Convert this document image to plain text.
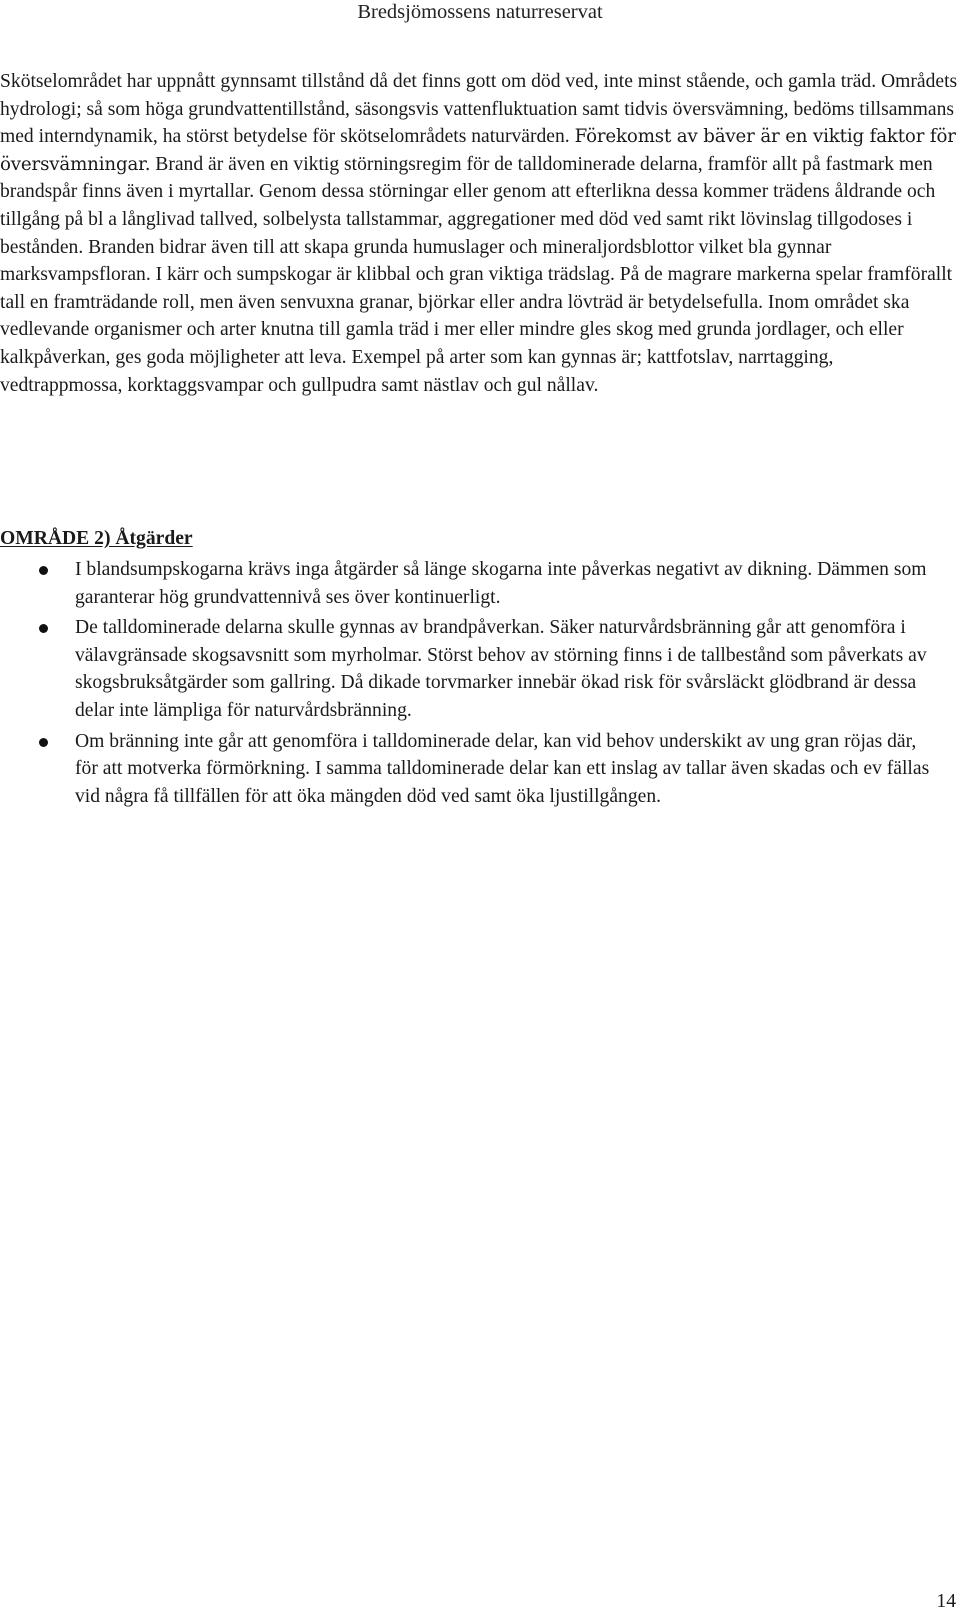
Bredsjömossens naturreservat

Skötselområdet har uppnått gynnsamt tillstånd då det finns gott om död ved, inte minst stående, och gamla träd. Områdets hydrologi; så som höga grundvattentillstånd, säsongsvis vattenfluktuation samt tidvis översvämning, bedöms tillsammans med interndynamik, ha störst betydelse för skötselområdets naturvärden. Förekomst av bäver är en viktig faktor för översvämningar. Brand är även en viktig störningsregim för de talldominerade delarna, framför allt på fastmark men brandspår finns även i myrtallar. Genom dessa störningar eller genom att efterlikna dessa kommer trädens åldrande och tillgång på bl a långlivad tallved, solbelysta tallstammar, aggregationer med död ved samt rikt lövinslag tillgodoses i bestånden. Branden bidrar även till att skapa grunda humuslager och mineraljordsblottor vilket bla gynnar marksvampsfloran. I kärr och sumpskogar är klibbal och gran viktiga trädslag. På de magrare markerna spelar framförallt tall en framträdande roll, men även senvuxna granar, björkar eller andra lövträd är betydelsefulla. Inom området ska vedlevande organismer och arter knutna till gamla träd i mer eller mindre gles skog med grunda jordlager, och eller kalkpåverkan, ges goda möjligheter att leva. Exempel på arter som kan gynnas är; kattfotslav, narrtagging, vedtrappmossa, korktaggsvampar och gullpudra samt nästlav och gul nållav.

OMRÅDE 2) Åtgärder
I blandsumpskogarna krävs inga åtgärder så länge skogarna inte påverkas negativt av dikning. Dämmen som garanterar hög grundvattennivå ses över kontinuerligt.
De talldominerade delarna skulle gynnas av brandpåverkan. Säker naturvårdsbränning går att genomföra i välavgränsade skogsavsnitt som myrholmar. Störst behov av störning finns i de tallbestånd som påverkats av skogsbruksåtgärder som gallring. Då dikade torvmarker innebär ökad risk för svårsläckt glödbrand är dessa delar inte lämpliga för naturvårdsbränning.
Om bränning inte går att genomföra i talldominerade delar, kan vid behov underskikt av ung gran röjas där, för att motverka förmörkning. I samma talldominerade delar kan ett inslag av tallar även skadas och ev fällas vid några få tillfällen för att öka mängden död ved samt öka ljustillgången.
14
